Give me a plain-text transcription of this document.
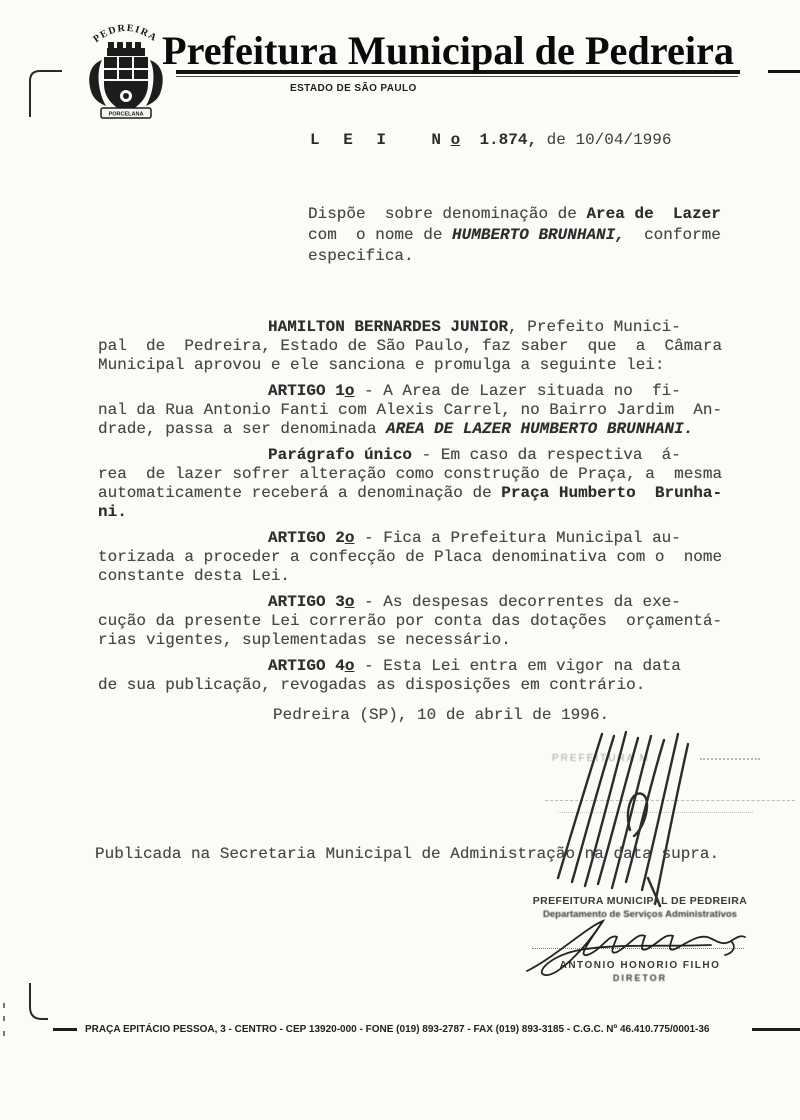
PEDREIRA
PORCELANA
Prefeitura Municipal de Pedreira
ESTADO DE SÃO PAULO
L E I N o  1.874, de 10/04/1996
Dispõe  sobre denominação de Area de  Lazer
com  o nome de HUMBERTO BRUNHANI,  conforme
especifica.
HAMILTON BERNARDES JUNIOR, Prefeito Munici-
pal  de  Pedreira, Estado de São Paulo, faz saber  que  a  Câmara
Municipal aprovou e ele sanciona e promulga a seguinte lei:
ARTIGO 1o - A Area de Lazer situada no  fi-
nal da Rua Antonio Fanti com Alexis Carrel, no Bairro Jardim  An-
drade, passa a ser denominada AREA DE LAZER HUMBERTO BRUNHANI.
Parágrafo único - Em caso da respectiva  á-
rea  de lazer sofrer alteração como construção de Praça, a  mesma
automaticamente receberá a denominação de Praça Humberto  Brunha-
ni.
ARTIGO 2o - Fica a Prefeitura Municipal au-
torizada a proceder a confecção de Placa denominativa com o  nome
constante desta Lei.
ARTIGO 3o - As despesas decorrentes da exe-
cução da presente Lei correrão por conta das dotações  orçamentá-
rias vigentes, suplementadas se necessário.
ARTIGO 4o - Esta Lei entra em vigor na data
de sua publicação, revogadas as disposições em contrário.
Pedreira (SP), 10 de abril de 1996.
PREFEITURA M
Publicada na Secretaria Municipal de Administração na data supra.
PREFEITURA MUNICIPAL DE PEDREIRA
Departamento de Serviços Administrativos
ANTONIO HONORIO FILHO
DIRETOR
PRAÇA EPITÁCIO PESSOA, 3 - CENTRO - CEP 13920-000 - FONE (019) 893-2787 - FAX (019) 893-3185 - C.G.C. Nº 46.410.775/0001-36
